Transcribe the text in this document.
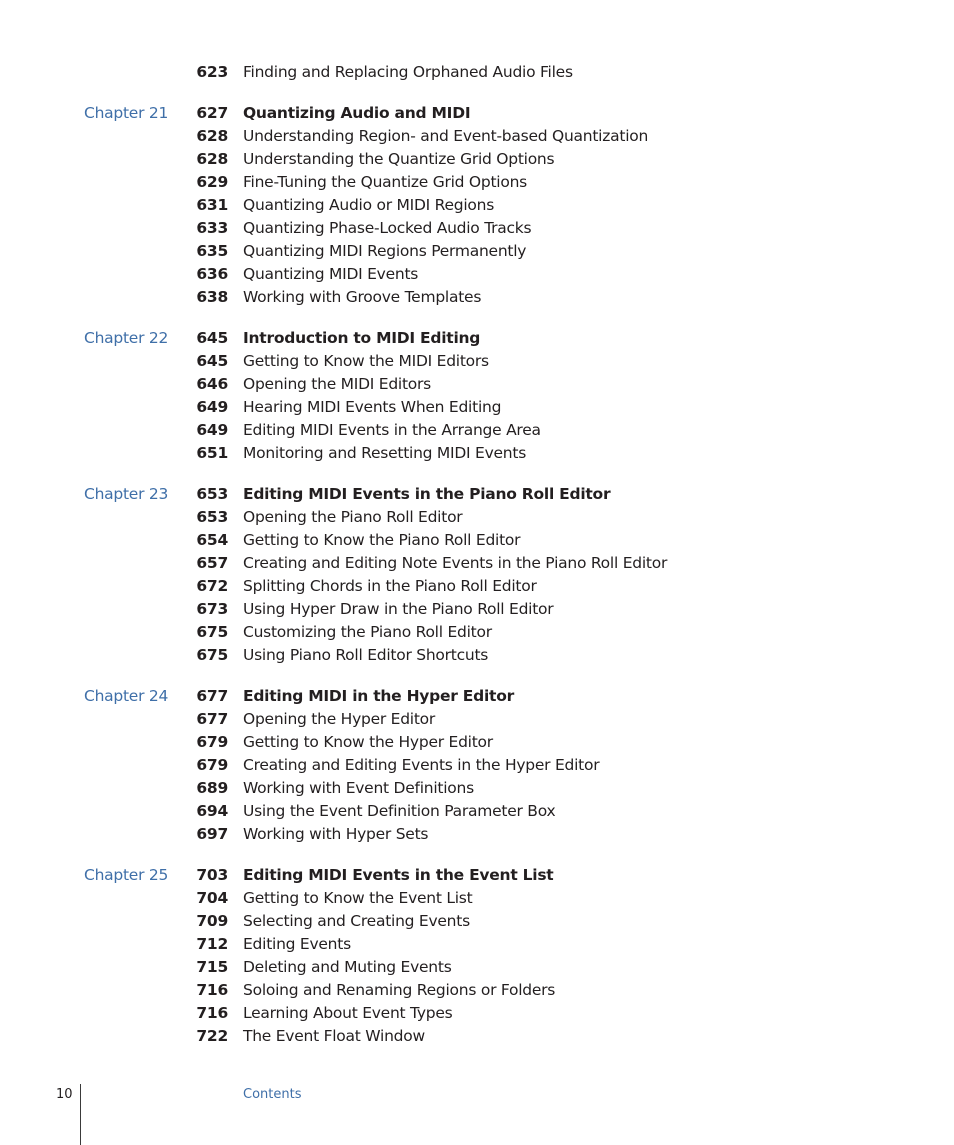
623 Finding and Replacing Orphaned Audio Files
Chapter 21 627 Quantizing Audio and MIDI
628 Understanding Region- and Event-based Quantization
628 Understanding the Quantize Grid Options
629 Fine-Tuning the Quantize Grid Options
631 Quantizing Audio or MIDI Regions
633 Quantizing Phase-Locked Audio Tracks
635 Quantizing MIDI Regions Permanently
636 Quantizing MIDI Events
638 Working with Groove Templates
Chapter 22 645 Introduction to MIDI Editing
645 Getting to Know the MIDI Editors
646 Opening the MIDI Editors
649 Hearing MIDI Events When Editing
649 Editing MIDI Events in the Arrange Area
651 Monitoring and Resetting MIDI Events
Chapter 23 653 Editing MIDI Events in the Piano Roll Editor
653 Opening the Piano Roll Editor
654 Getting to Know the Piano Roll Editor
657 Creating and Editing Note Events in the Piano Roll Editor
672 Splitting Chords in the Piano Roll Editor
673 Using Hyper Draw in the Piano Roll Editor
675 Customizing the Piano Roll Editor
675 Using Piano Roll Editor Shortcuts
Chapter 24 677 Editing MIDI in the Hyper Editor
677 Opening the Hyper Editor
679 Getting to Know the Hyper Editor
679 Creating and Editing Events in the Hyper Editor
689 Working with Event Definitions
694 Using the Event Definition Parameter Box
697 Working with Hyper Sets
Chapter 25 703 Editing MIDI Events in the Event List
704 Getting to Know the Event List
709 Selecting and Creating Events
712 Editing Events
715 Deleting and Muting Events
716 Soloing and Renaming Regions or Folders
716 Learning About Event Types
722 The Event Float Window
10	Contents
